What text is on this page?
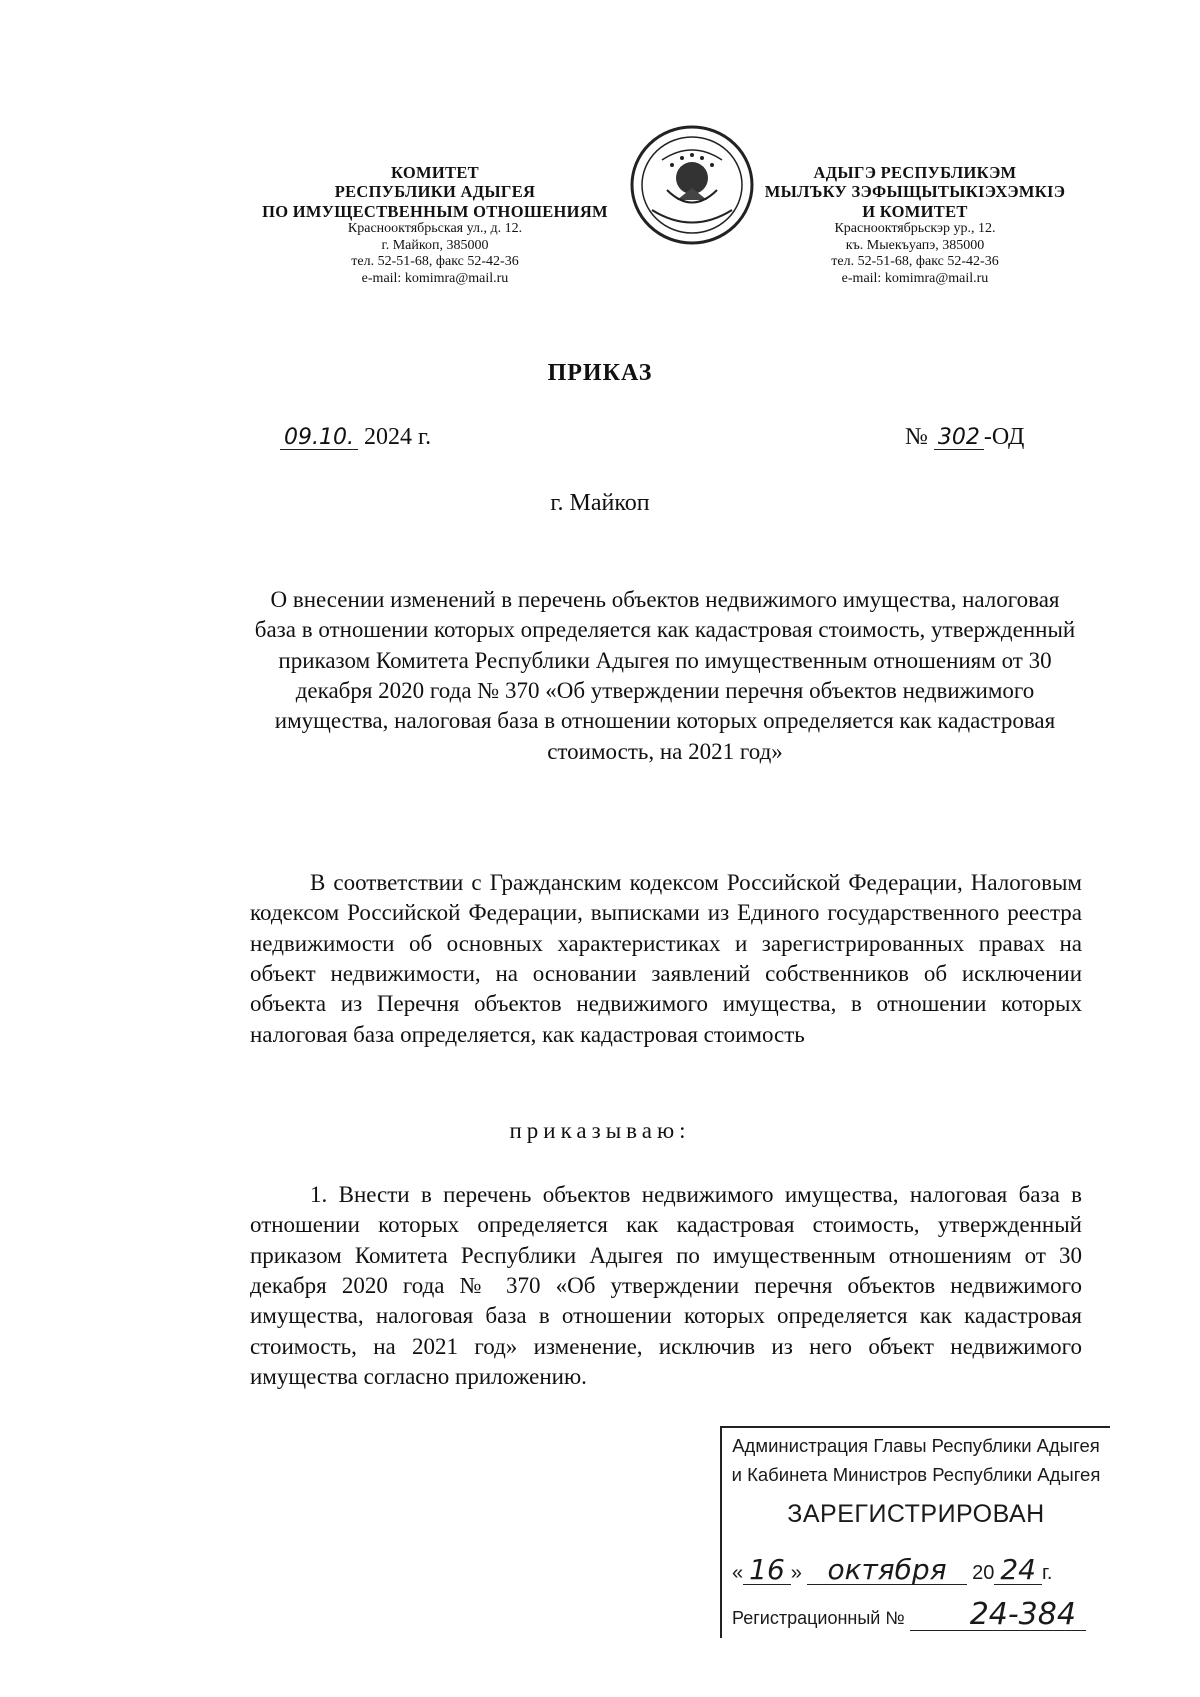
КОМИТЕТ
РЕСПУБЛИКИ АДЫГЕЯ
ПО ИМУЩЕСТВЕННЫМ ОТНОШЕНИЯМ
Краснооктябрьская ул., д. 12.
г. Майкоп, 385000
тел. 52-51-68, факс 52-42-36
e-mail: komimra@mail.ru
АДЫГЭ РЕСПУБЛИКЭМ
МЫЛЪКУ ЗЭФЫЩЫТЫКIЭХЭМКIЭ
И КОМИТЕТ
Краснооктябрьскэр ур., 12.
къ. Мыекъуапэ, 385000
тел. 52-51-68, факс 52-42-36
e-mail: komimra@mail.ru
ПРИКАЗ
09.10. 2024 г.	№ 302 -ОД
г. Майкоп
О внесении изменений в перечень объектов недвижимого имущества, налоговая база в отношении которых определяется как кадастровая стоимость, утвержденный приказом Комитета Республики Адыгея по имущественным отношениям от 30 декабря 2020 года № 370 «Об утверждении перечня объектов недвижимого имущества, налоговая база в отношении которых определяется как кадастровая стоимость, на 2021 год»
В соответствии с Гражданским кодексом Российской Федерации, Налоговым кодексом Российской Федерации, выписками из Единого государственного реестра недвижимости об основных характеристиках и зарегистрированных правах на объект недвижимости, на основании заявлений собственников об исключении объекта из Перечня объектов недвижимого имущества, в отношении которых налоговая база определяется, как кадастровая стоимость
приказываю:
1. Внести в перечень объектов недвижимого имущества, налоговая база в отношении которых определяется как кадастровая стоимость, утвержденный приказом Комитета Республики Адыгея по имущественным отношениям от 30 декабря 2020 года № 370 «Об утверждении перечня объектов недвижимого имущества, налоговая база в отношении которых определяется как кадастровая стоимость, на 2021 год» изменение, исключив из него объект недвижимого имущества согласно приложению.
Администрация Главы Республики Адыгея
и Кабинета Министров Республики Адыгея
ЗАРЕГИСТРИРОВАН
« 16 » октября 20 24 г.
Регистрационный № 24-384
